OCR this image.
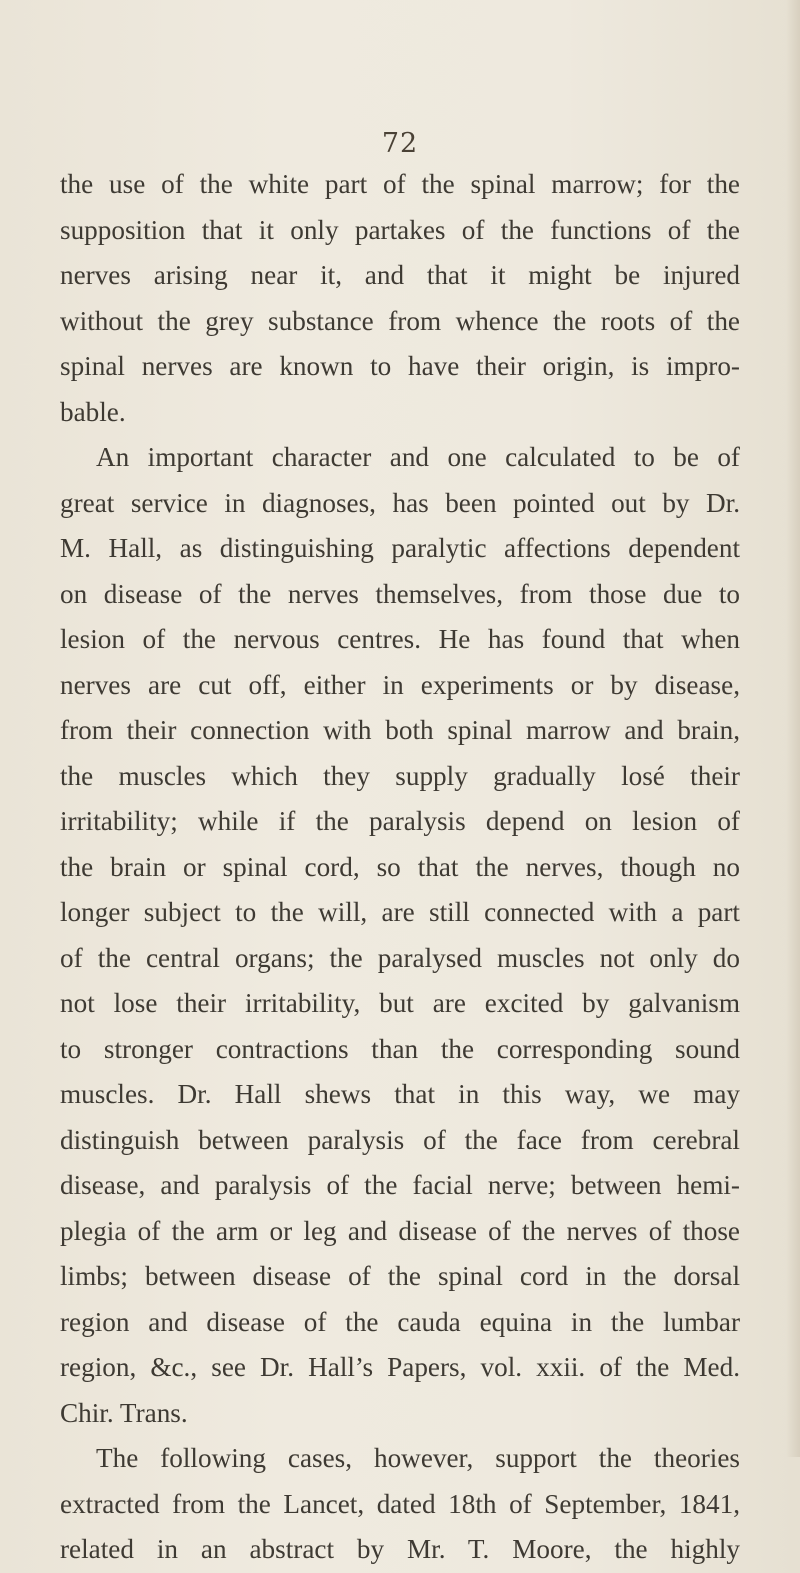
72
the use of the white part of the spinal marrow; for the
supposition that it only partakes of the functions of the
nerves arising near it, and that it might be injured
without the grey substance from whence the roots of the
spinal nerves are known to have their origin, is impro-
bable.
An important character and one calculated to be of
great service in diagnoses, has been pointed out by Dr.
M. Hall, as distinguishing paralytic affections dependent
on disease of the nerves themselves, from those due to
lesion of the nervous centres. He has found that when
nerves are cut off, either in experiments or by disease,
from their connection with both spinal marrow and brain,
the muscles which they supply gradually losé their
irritability; while if the paralysis depend on lesion of
the brain or spinal cord, so that the nerves, though no
longer subject to the will, are still connected with a part
of the central organs; the paralysed muscles not only do
not lose their irritability, but are excited by galvanism
to stronger contractions than the corresponding sound
muscles. Dr. Hall shews that in this way, we may
distinguish between paralysis of the face from cerebral
disease, and paralysis of the facial nerve; between hemi-
plegia of the arm or leg and disease of the nerves of those
limbs; between disease of the spinal cord in the dorsal
region and disease of the cauda equina in the lumbar
region, &c., see Dr. Hall’s Papers, vol. xxii. of the Med.
Chir. Trans.
The following cases, however, support the theories
extracted from the Lancet, dated 18th of September, 1841,
related in an abstract by Mr. T. Moore, the highly
